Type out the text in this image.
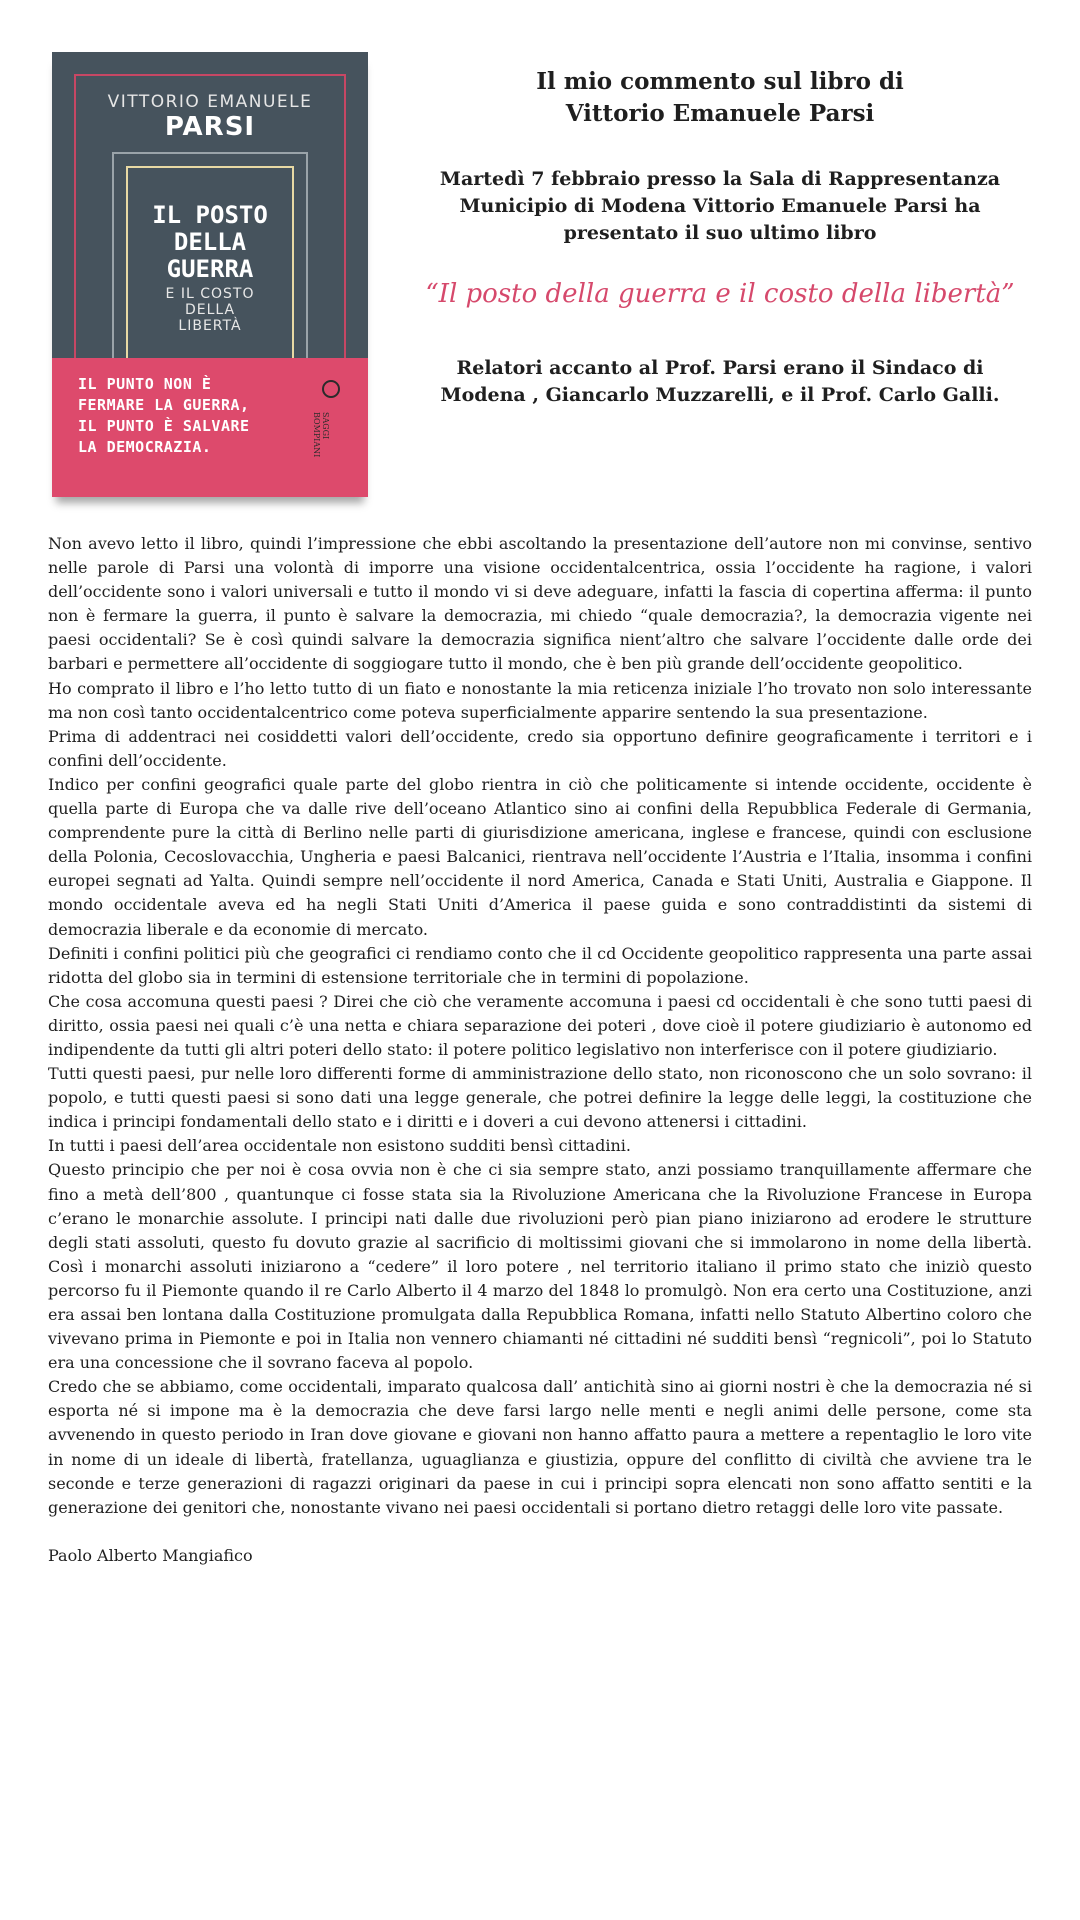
VITTORIO EMANUELE
PARSI
IL POSTO
DELLA
GUERRA
E IL COSTO
DELLA
LIBERTÀ
IL PUNTO NON È
FERMARE LA GUERRA,
IL PUNTO È SALVARE
LA DEMOCRAZIA.
SAGGI BOMPIANI

Il mio commento sul libro di
Vittorio Emanuele Parsi

Martedì 7 febbraio presso la Sala di Rappresentanza
Municipio di Modena Vittorio Emanuele Parsi ha
presentato il suo ultimo libro

“Il posto della guerra e il costo della libertà”

Relatori accanto al Prof. Parsi erano il Sindaco di
Modena , Giancarlo Muzzarelli, e il Prof. Carlo Galli.

Non avevo letto il libro, quindi l’impressione che ebbi ascoltando la presentazione dell’autore non mi convinse, sentivo nelle parole di Parsi una volontà di imporre una visione occidentalcentrica, ossia l’occidente ha ragione, i valori dell’occidente sono i valori universali e tutto il mondo vi si deve adeguare, infatti la fascia di copertina afferma: il punto non è fermare la guerra, il punto è salvare la democrazia, mi chiedo “quale democrazia?, la democrazia vigente nei paesi occidentali? Se è così quindi salvare la democrazia significa nient’altro che salvare l’occidente dalle orde dei barbari e permettere all’occidente di soggiogare tutto il mondo, che è ben più grande dell’occidente geopolitico.

Ho comprato il libro e l’ho letto tutto di un fiato e nonostante la mia reticenza iniziale l’ho trovato non solo interessante ma non così tanto occidentalcentrico come poteva superficialmente apparire sentendo la sua presentazione.

Prima di addentraci nei cosiddetti valori dell’occidente, credo sia opportuno definire geograficamente i territori e i confini dell’occidente.

Indico per confini geografici quale parte del globo rientra in ciò che politicamente si intende occidente, occidente è quella parte di Europa che va dalle rive dell’oceano Atlantico sino ai confini della Repubblica Federale di Germania, comprendente pure la città di Berlino nelle parti di giurisdizione americana, inglese e francese, quindi con esclusione della Polonia, Cecoslovacchia, Ungheria e paesi Balcanici, rientrava nell’occidente l’Austria e l’Italia, insomma i confini europei segnati ad Yalta. Quindi sempre nell’occidente il nord America, Canada e Stati Uniti, Australia e Giappone. Il mondo occidentale aveva ed ha negli Stati Uniti d’America il paese guida e sono contraddistinti da sistemi di democrazia liberale e da economie di mercato.

Definiti i confini politici più che geografici ci rendiamo conto che il cd Occidente geopolitico rappresenta una parte assai ridotta del globo sia in termini di estensione territoriale che in termini di popolazione.

Che cosa accomuna questi paesi ? Direi che ciò che veramente accomuna i paesi cd occidentali è che sono tutti paesi di diritto, ossia paesi nei quali c’è una netta e chiara separazione dei poteri , dove cioè il potere giudiziario è autonomo ed indipendente da tutti gli altri poteri dello stato: il potere politico legislativo non interferisce con il potere giudiziario.

Tutti questi paesi, pur nelle loro differenti forme di amministrazione dello stato, non riconoscono che un solo sovrano: il popolo, e tutti questi paesi si sono dati una legge generale, che potrei definire la legge delle leggi, la costituzione che indica i principi fondamentali dello stato e i diritti e i doveri a cui devono attenersi i cittadini.

In tutti i paesi dell’area occidentale non esistono sudditi bensì cittadini.

Questo principio che per noi è cosa ovvia non è che ci sia sempre stato, anzi possiamo tranquillamente affermare che fino a metà dell’800 , quantunque ci fosse stata sia la Rivoluzione Americana che la Rivoluzione Francese in Europa c’erano le monarchie assolute. I principi nati dalle due rivoluzioni però pian piano iniziarono ad erodere le strutture degli stati assoluti, questo fu dovuto grazie al sacrificio di moltissimi giovani che si immolarono in nome della libertà. Così i monarchi assoluti iniziarono a “cedere” il loro potere , nel territorio italiano il primo stato che iniziò questo percorso fu il Piemonte quando il re Carlo Alberto il 4 marzo del 1848 lo promulgò. Non era certo una Costituzione, anzi era assai ben lontana dalla Costituzione promulgata dalla Repubblica Romana, infatti nello Statuto Albertino coloro che vivevano prima in Piemonte e poi in Italia non vennero chiamanti né cittadini né sudditi bensì “regnicoli”, poi lo Statuto era una concessione che il sovrano faceva al popolo.

Credo che se abbiamo, come occidentali, imparato qualcosa dall’ antichità sino ai giorni nostri è che la democrazia né si esporta né si impone ma è la democrazia che deve farsi largo nelle menti e negli animi delle persone, come sta avvenendo in questo periodo in Iran dove giovane e giovani non hanno affatto paura a mettere a repentaglio le loro vite in nome di un ideale di libertà, fratellanza, uguaglianza e giustizia, oppure del conflitto di civiltà che avviene tra le seconde e terze generazioni di ragazzi originari da paese in cui i principi sopra elencati non sono affatto sentiti e la generazione dei genitori che, nonostante vivano nei paesi occidentali si portano dietro retaggi delle loro vite passate.

Paolo Alberto Mangiafico
